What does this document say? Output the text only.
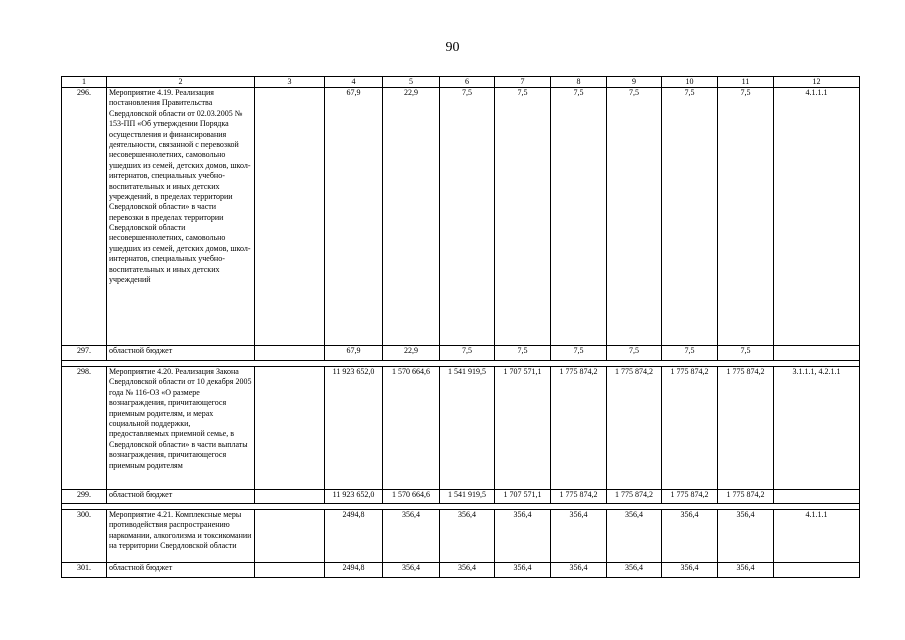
90
1	2	3	4	5	6	7	8	9	10	11	12
296.	Мероприятие 4.19. Реализация постановления Правительства Свердловской области от 02.03.2005 № 153-ПП «Об утверждении Порядка осуществления и финансирования деятельности, связанной с перевозкой несовершеннолетних, самовольно ушедших из семей, детских домов, школ-интернатов, специальных учебно-воспитательных и иных детских учреждений, в пределах территории Свердловской области» в части перевозки в пределах территории Свердловской области несовершеннолетних, самовольно ушедших из семей, детских домов, школ-интернатов, специальных учебно-воспитательных и иных детских учреждений		67,9	22,9	7,5	7,5	7,5	7,5	7,5	7,5	4.1.1.1
297.	областной бюджет		67,9	22,9	7,5	7,5	7,5	7,5	7,5	7,5	

298.	Мероприятие 4.20. Реализация Закона Свердловской области от 10 декабря 2005 года № 116-ОЗ «О размере вознаграждения, причитающегося приемным родителям, и мерах социальной поддержки, предоставляемых приемной семье, в Свердловской области» в части выплаты вознаграждения, причитающегося приемным родителям		11 923 652,0	1 570 664,6	1 541 919,5	1 707 571,1	1 775 874,2	1 775 874,2	1 775 874,2	1 775 874,2	3.1.1.1, 4.2.1.1
299.	областной бюджет		11 923 652,0	1 570 664,6	1 541 919,5	1 707 571,1	1 775 874,2	1 775 874,2	1 775 874,2	1 775 874,2	

300.	Мероприятие 4.21. Комплексные меры противодействия распространению наркомании, алкоголизма и токсикомании на территории Свердловской области		2494,8	356,4	356,4	356,4	356,4	356,4	356,4	356,4	4.1.1.1
301.	областной бюджет		2494,8	356,4	356,4	356,4	356,4	356,4	356,4	356,4	
